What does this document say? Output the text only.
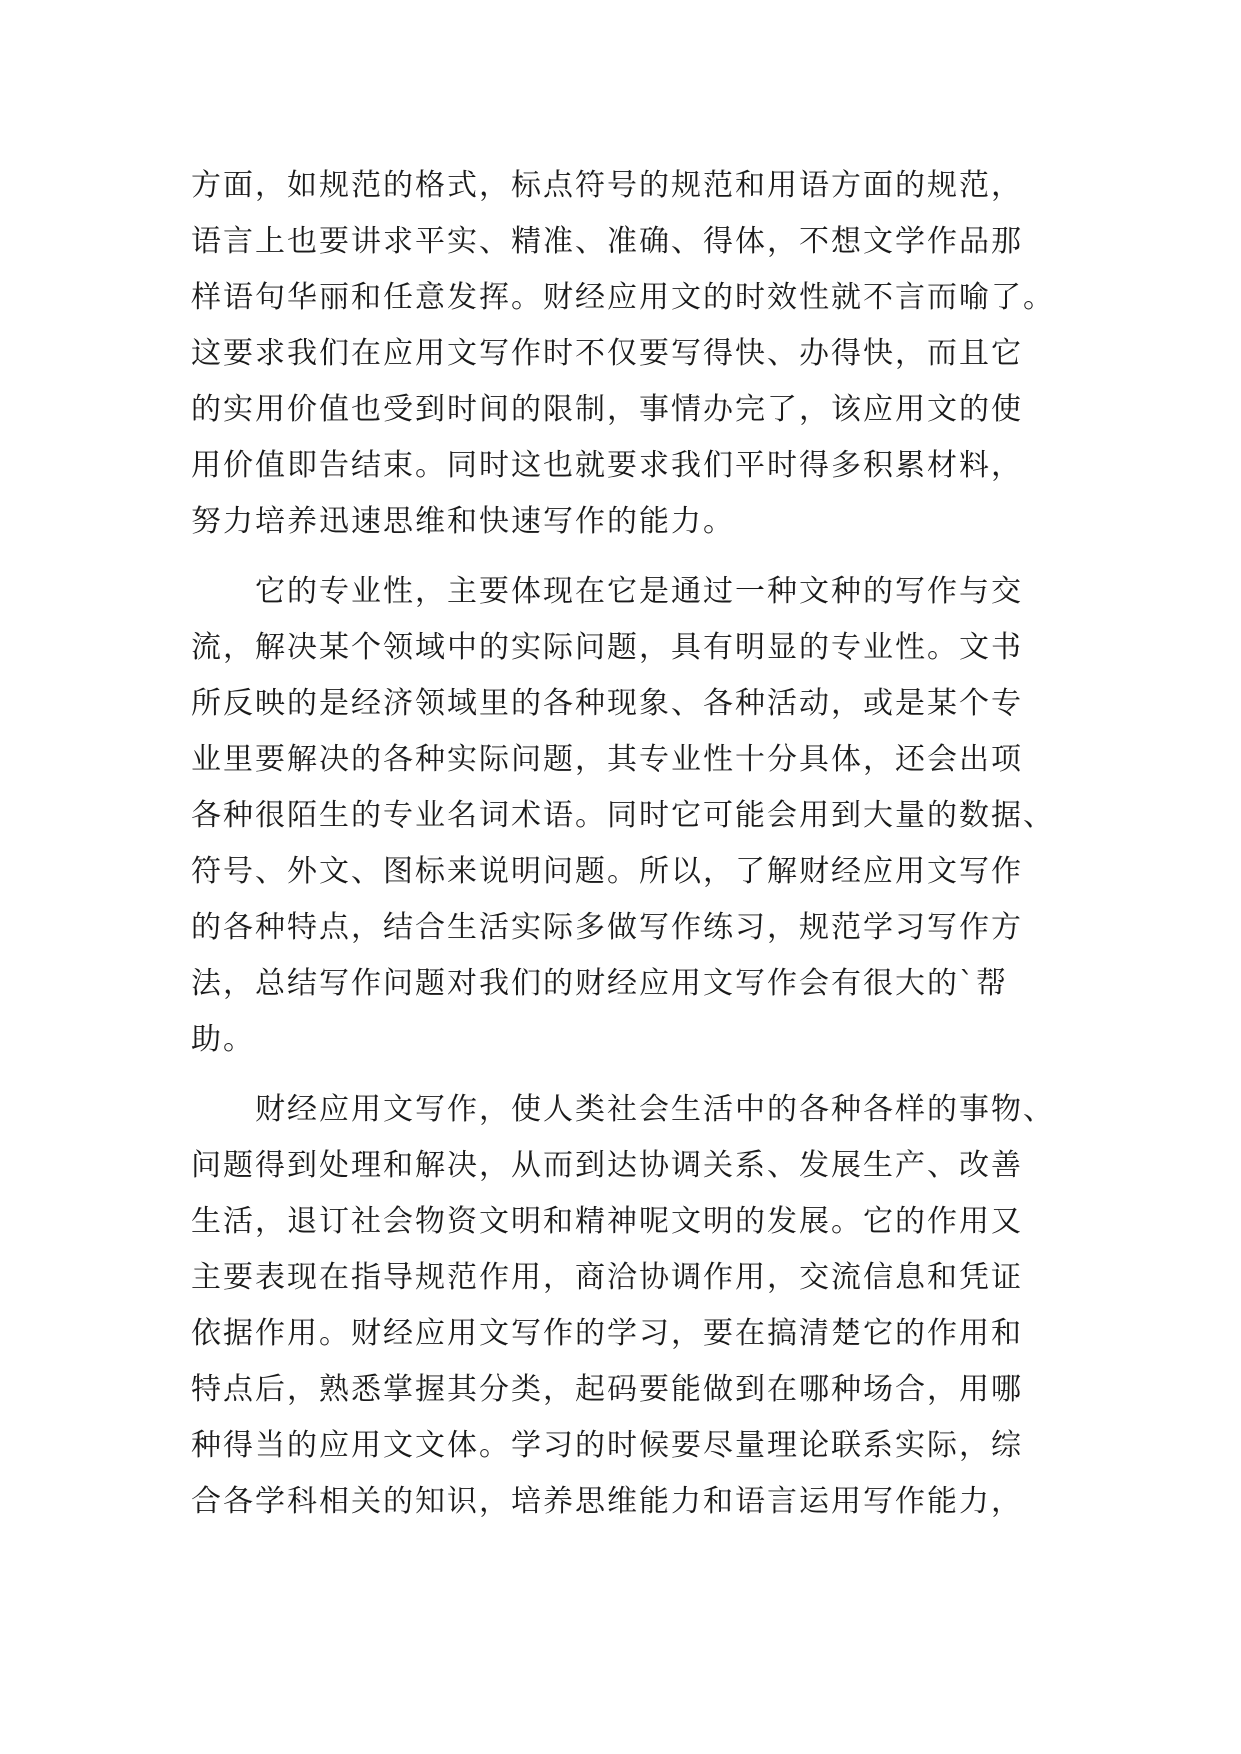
方面，如规范的格式，标点符号的规范和用语方面的规范，
语言上也要讲求平实、精准、准确、得体，不想文学作品那
样语句华丽和任意发挥。财经应用文的时效性就不言而喻了。
这要求我们在应用文写作时不仅要写得快、办得快，而且它
的实用价值也受到时间的限制，事情办完了，该应用文的使
用价值即告结束。同时这也就要求我们平时得多积累材料，
努力培养迅速思维和快速写作的能力。
　　它的专业性，主要体现在它是通过一种文种的写作与交
流，解决某个领域中的实际问题，具有明显的专业性。文书
所反映的是经济领域里的各种现象、各种活动，或是某个专
业里要解决的各种实际问题，其专业性十分具体，还会出项
各种很陌生的专业名词术语。同时它可能会用到大量的数据、
符号、外文、图标来说明问题。所以，了解财经应用文写作
的各种特点，结合生活实际多做写作练习，规范学习写作方
法，总结写作问题对我们的财经应用文写作会有很大的`帮
助。
　　财经应用文写作，使人类社会生活中的各种各样的事物、
问题得到处理和解决，从而到达协调关系、发展生产、改善
生活，退订社会物资文明和精神呢文明的发展。它的作用又
主要表现在指导规范作用，商洽协调作用，交流信息和凭证
依据作用。财经应用文写作的学习，要在搞清楚它的作用和
特点后，熟悉掌握其分类，起码要能做到在哪种场合，用哪
种得当的应用文文体。学习的时候要尽量理论联系实际，综
合各学科相关的知识，培养思维能力和语言运用写作能力，
